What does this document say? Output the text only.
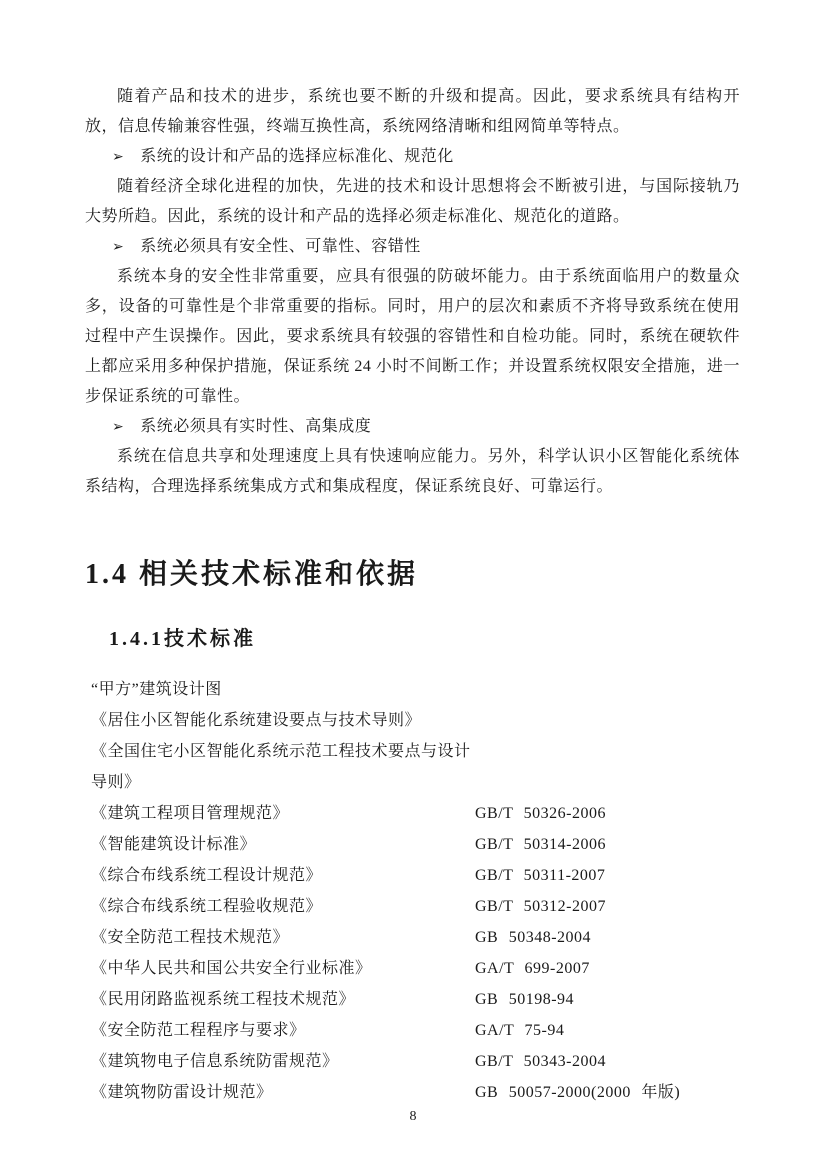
随着产品和技术的进步，系统也要不断的升级和提高。因此，要求系统具有结构开放，信息传输兼容性强，终端互换性高，系统网络清晰和组网简单等特点。

➢ 系统的设计和产品的选择应标准化、规范化

随着经济全球化进程的加快，先进的技术和设计思想将会不断被引进，与国际接轨乃大势所趋。因此，系统的设计和产品的选择必须走标准化、规范化的道路。

➢ 系统必须具有安全性、可靠性、容错性

系统本身的安全性非常重要，应具有很强的防破坏能力。由于系统面临用户的数量众多，设备的可靠性是个非常重要的指标。同时，用户的层次和素质不齐将导致系统在使用过程中产生误操作。因此，要求系统具有较强的容错性和自检功能。同时，系统在硬软件上都应采用多种保护措施，保证系统 24 小时不间断工作；并设置系统权限安全措施，进一步保证系统的可靠性。

➢ 系统必须具有实时性、高集成度

系统在信息共享和处理速度上具有快速响应能力。另外，科学认识小区智能化系统体系结构，合理选择系统集成方式和集成程度，保证系统良好、可靠运行。

1.4 相关技术标准和依据
1.4.1技术标准
“甲方”建筑设计图
《居住小区智能化系统建设要点与技术导则》
《全国住宅小区智能化系统示范工程技术要点与设计导则》
《建筑工程项目管理规范》	GB/T 50326-2006
《智能建筑设计标准》	GB/T 50314-2006
《综合布线系统工程设计规范》	GB/T 50311-2007
《综合布线系统工程验收规范》	GB/T 50312-2007
《安全防范工程技术规范》	GB 50348-2004
《中华人民共和国公共安全行业标准》	GA/T 699-2007
《民用闭路监视系统工程技术规范》	GB 50198-94
《安全防范工程程序与要求》	GA/T 75-94
《建筑物电子信息系统防雷规范》	GB/T 50343-2004
《建筑物防雷设计规范》	GB 50057-2000(2000 年版)
8
